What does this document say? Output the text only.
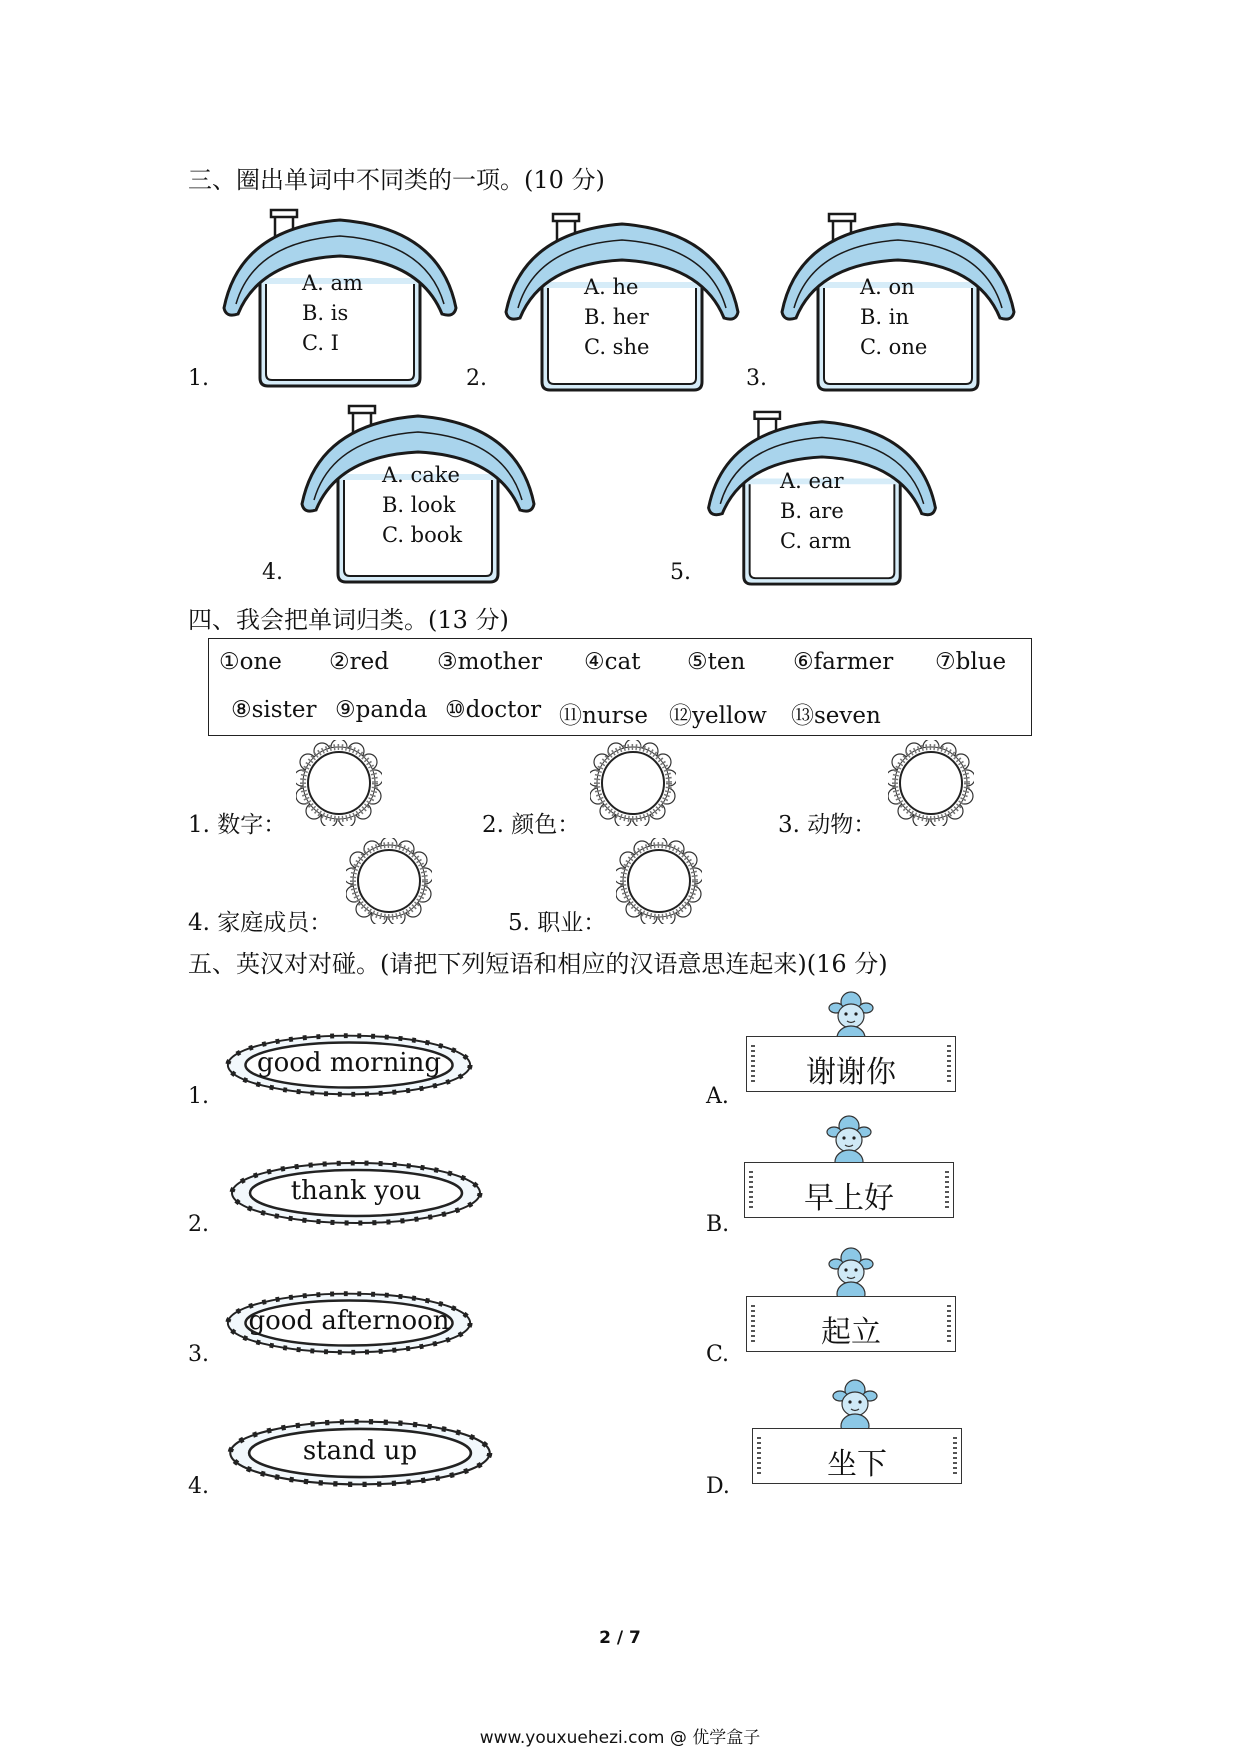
三、圈出单词中不同类的一项。(10 分)
A. am
B. is
C. I
1.
A. he
B. her
C. she
2.
A. on
B. in
C. one
3.
A. cake
B. look
C. book
4.
A. ear
B. are
C. arm
5.
四、我会把单词归类。(13 分)
①one ②red ③mother ④cat ⑤ten ⑥farmer ⑦blue
⑧sister ⑨panda ⑩doctor ⑪nurse ⑫yellow ⑬seven
1. 数字：	2. 颜色：	3. 动物：
4. 家庭成员：	5. 职业：
五、英汉对对碰。(请把下列短语和相应的汉语意思连起来)(16 分)
1.
good morning
2.
thank you
3.
good afternoon
4.
stand up
A.
谢谢你
B.
早上好
C.
起立
D.
坐下
2 / 7
www.youxuehezi.com @ 优学盒子
